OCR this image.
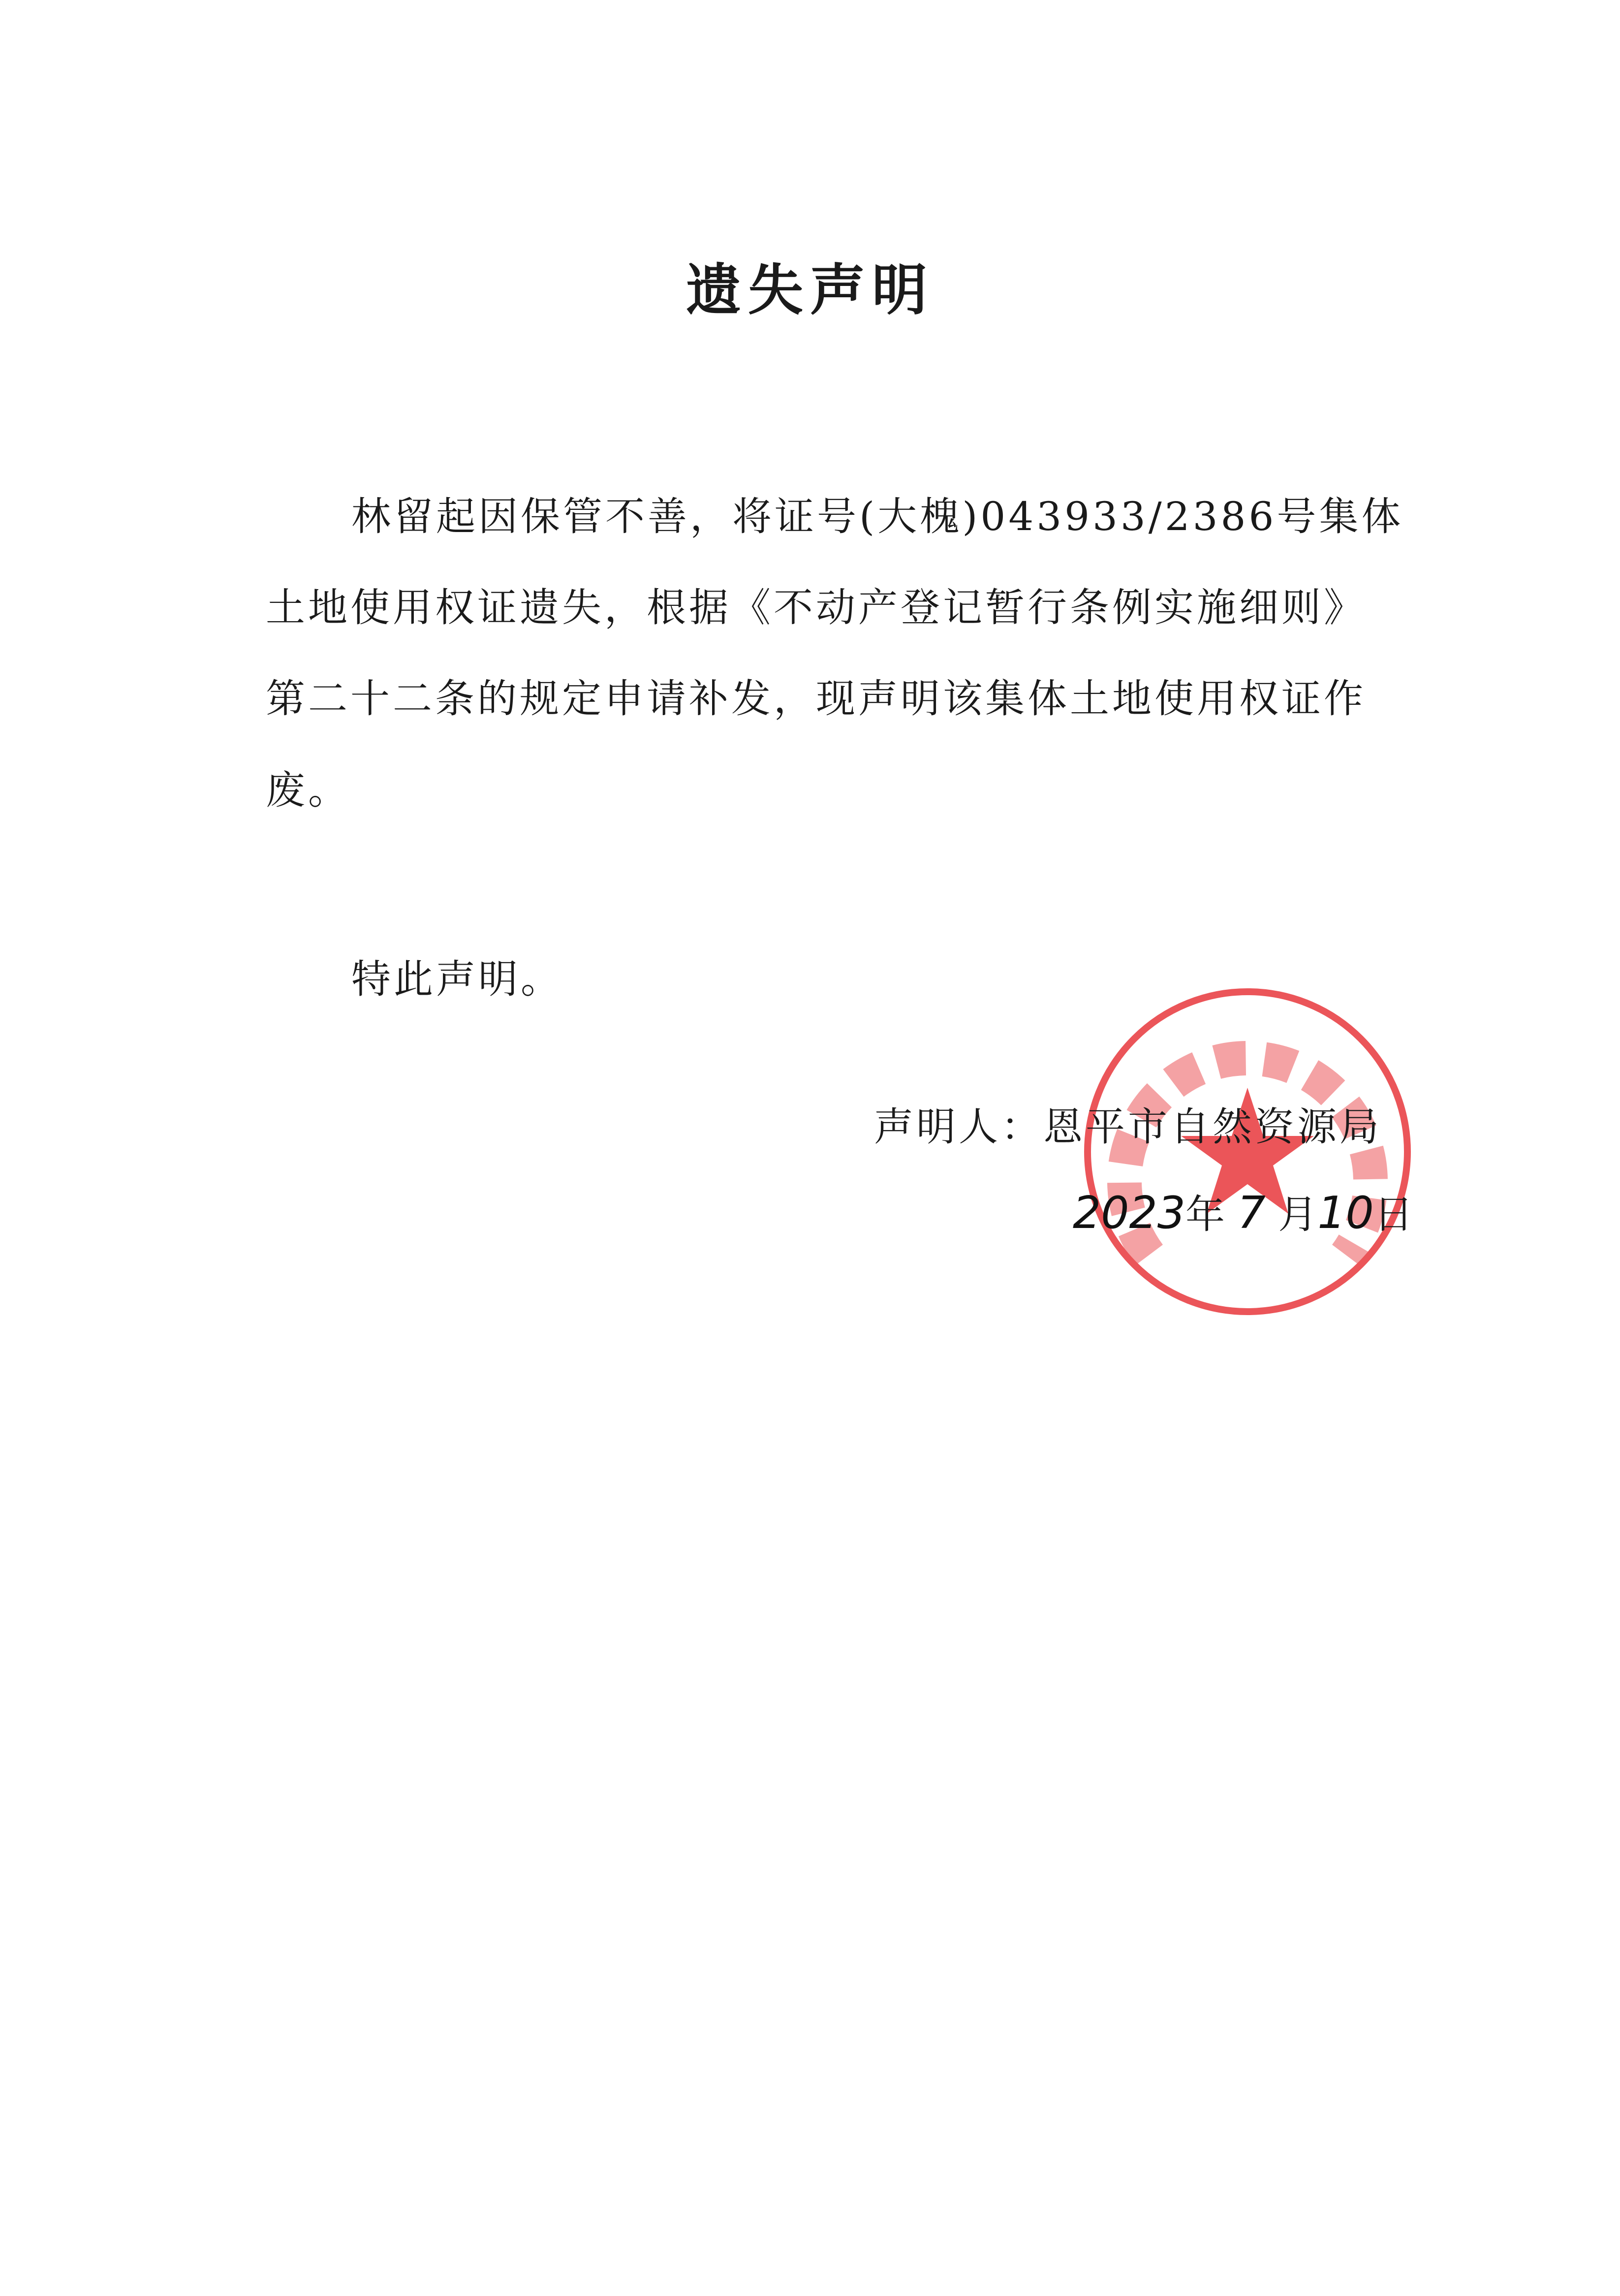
遗失声明
林留起因保管不善，将证号(大槐)043933/2386号集体
土地使用权证遗失，根据《不动产登记暂行条例实施细则》
第二十二条的规定申请补发，现声明该集体土地使用权证作
废。
特此声明。
声明人：恩平市自然资源局
2023年 7 月10日
